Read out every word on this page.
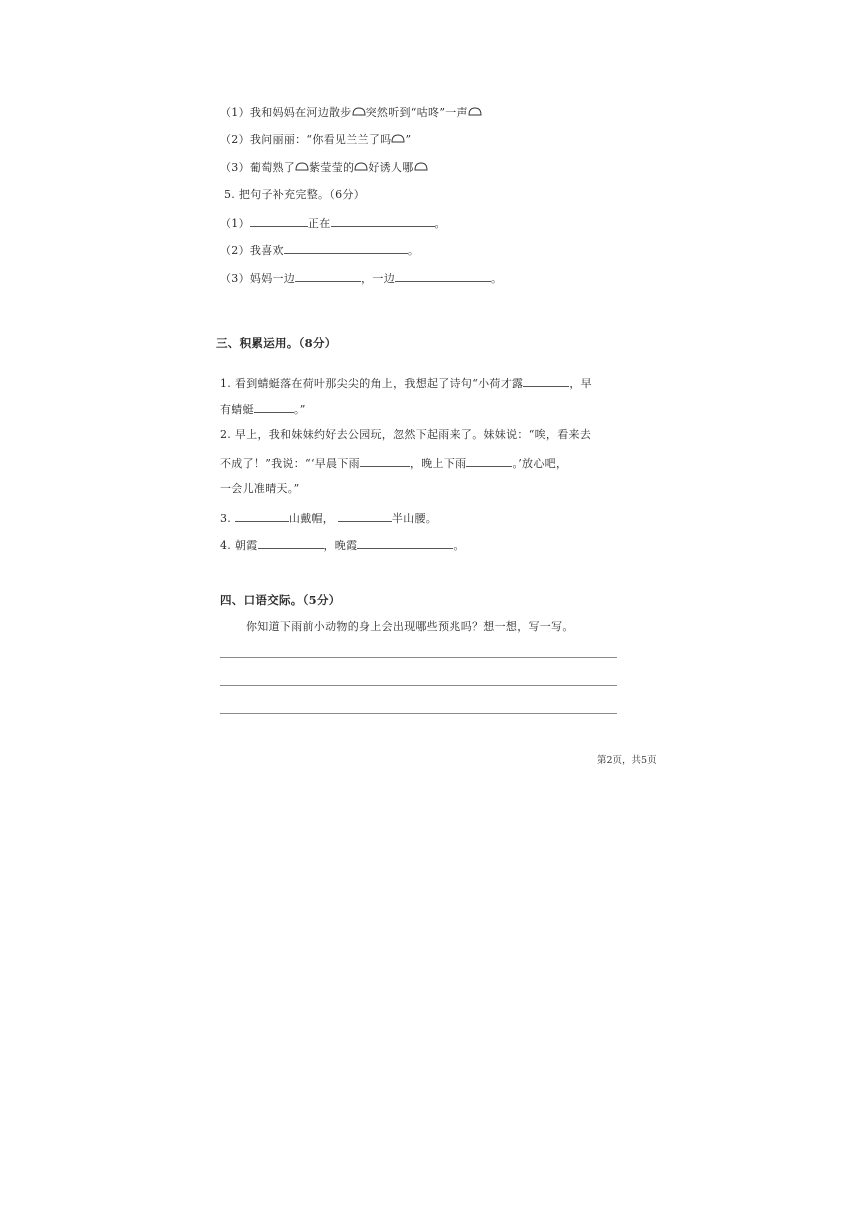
（1）我和妈妈在河边散步 突然听到“咕咚”一声
（2）我问丽丽：“你看见兰兰了吗 ”
（3）葡萄熟了 紫莹莹的 好诱人哪
5. 把句子补充完整。（6分）
（1）	正在	。
（2）我喜欢	。
（3）妈妈一边	，一边	。
三、积累运用。（8分）
1. 看到蜻蜓落在荷叶那尖尖的角上，我想起了诗句“小荷才露	，早
有蜻蜓	。”
2. 早上，我和妹妹约好去公园玩，忽然下起雨来了。妹妹说：“唉，看来去
不成了！”我说：“‘早晨下雨	，晚上下雨	。’放心吧，
一会儿准晴天。”
3.	山戴帽，	半山腰。
4. 朝霞	，晚霞	。
四、口语交际。（5分）
你知道下雨前小动物的身上会出现哪些预兆吗？想一想，写一写。
第2页，共5页
